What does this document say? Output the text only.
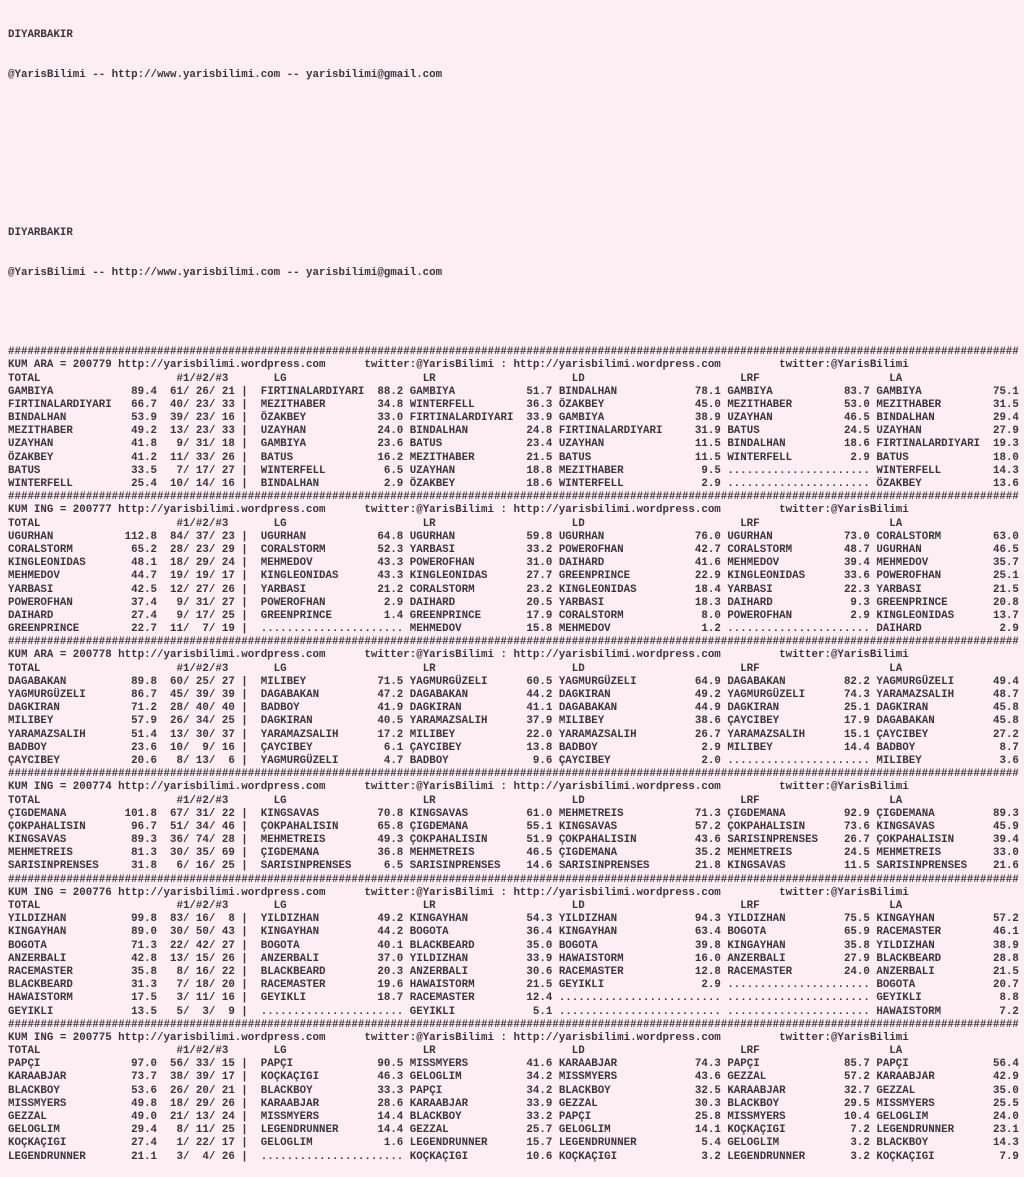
DIYARBAKIR

@YarisBilimi -- http://www.yarisbilimi.com -- yarisbilimi@gmail.com

DIYARBAKIR

@YarisBilimi -- http://www.yarisbilimi.com -- yarisbilimi@gmail.com

############################################################################################################################################################
KUM ARA = 200779 http://yarisbilimi.wordpress.com	twitter:@YarisBilimi : http://yarisbilimi.wordpress.com	twitter:@YarisBilimi
TOTAL                     #1/#2/#3       LG                     LR                     LD                        LRF                    LA
GAMBIYA            89.4  61/ 26/ 21 |  FIRTINALARDIYARI  88.2 GAMBIYA           51.7 BINDALHAN            78.1 GAMBIYA           83.7 GAMBIYA           75.1
FIRTINALARDIYARI   66.7  40/ 23/ 33 |  MEZITHABER        34.8 WINTERFELL        36.3 ÖZAKBEY              45.0 MEZITHABER        53.0 MEZITHABER        31.5
BINDALHAN          53.9  39/ 23/ 16 |  ÖZAKBEY           33.0 FIRTINALARDIYARI  33.9 GAMBIYA              38.9 UZAYHAN           46.5 BINDALHAN         29.4
MEZITHABER         49.2  13/ 23/ 33 |  UZAYHAN           24.0 BINDALHAN         24.8 FIRTINALARDIYARI     31.9 BATUS             24.5 UZAYHAN           27.9
UZAYHAN            41.8   9/ 31/ 18 |  GAMBIYA           23.6 BATUS             23.4 UZAYHAN              11.5 BINDALHAN         18.6 FIRTINALARDIYARI  19.3
ÖZAKBEY            41.2  11/ 33/ 26 |  BATUS             16.2 MEZITHABER        21.5 BATUS                11.5 WINTERFELL         2.9 BATUS             18.0
BATUS              33.5   7/ 17/ 27 |  WINTERFELL         6.5 UZAYHAN           18.8 MEZITHABER            9.5 ...................... WINTERFELL        14.3
WINTERFELL         25.4  10/ 14/ 16 |  BINDALHAN          2.9 ÖZAKBEY           18.6 WINTERFELL            2.9 ...................... ÖZAKBEY           13.6
############################################################################################################################################################
KUM ING = 200777 http://yarisbilimi.wordpress.com	twitter:@YarisBilimi : http://yarisbilimi.wordpress.com	twitter:@YarisBilimi
TOTAL                     #1/#2/#3       LG                     LR                     LD                        LRF                    LA
UGURHAN           112.8  84/ 37/ 23 |  UGURHAN           64.8 UGURHAN           59.8 UGURHAN              76.0 UGURHAN           73.0 CORALSTORM        63.0
CORALSTORM         65.2  28/ 23/ 29 |  CORALSTORM        52.3 YARBASI           33.2 POWEROFHAN           42.7 CORALSTORM        48.7 UGURHAN           46.5
KINGLEONIDAS       48.1  18/ 29/ 24 |  MEHMEDOV          43.3 POWEROFHAN        31.0 DAIHARD              41.6 MEHMEDOV          39.4 MEHMEDOV          35.7
MEHMEDOV           44.7  19/ 19/ 17 |  KINGLEONIDAS      43.3 KINGLEONIDAS      27.7 GREENPRINCE          22.9 KINGLEONIDAS      33.6 POWEROFHAN        25.1
YARBASI            42.5  12/ 27/ 26 |  YARBASI           21.2 CORALSTORM        23.2 KINGLEONIDAS         18.4 YARBASI           22.3 YARBASI           21.5
POWEROFHAN         37.4   9/ 31/ 27 |  POWEROFHAN         2.9 DAIHARD           20.5 YARBASI              18.3 DAIHARD            9.3 GREENPRINCE       20.8
DAIHARD            27.4   9/ 17/ 25 |  GREENPRINCE        1.4 GREENPRINCE       17.9 CORALSTORM            8.0 POWEROFHAN         2.9 KINGLEONIDAS      13.7
GREENPRINCE        22.7  11/  7/ 19 |  ...................... MEHMEDOV          15.8 MEHMEDOV              1.2 ...................... DAIHARD            2.9
############################################################################################################################################################
KUM ARA = 200778 http://yarisbilimi.wordpress.com	twitter:@YarisBilimi : http://yarisbilimi.wordpress.com	twitter:@YarisBilimi
TOTAL                     #1/#2/#3       LG                     LR                     LD                        LRF                    LA
DAGABAKAN          89.8  60/ 25/ 27 |  MILIBEY           71.5 YAGMURGÜZELI      60.5 YAGMURGÜZELI         64.9 DAGABAKAN         82.2 YAGMURGÜZELI      49.4
YAGMURGÜZELI       86.7  45/ 39/ 39 |  DAGABAKAN         47.2 DAGABAKAN         44.2 DAGKIRAN             49.2 YAGMURGÜZELI      74.3 YARAMAZSALIH      48.7
DAGKIRAN           71.2  28/ 40/ 40 |  BADBOY            41.9 DAGKIRAN          41.1 DAGABAKAN            44.9 DAGKIRAN          25.1 DAGKIRAN          45.8
MILIBEY            57.9  26/ 34/ 25 |  DAGKIRAN          40.5 YARAMAZSALIH      37.9 MILIBEY              38.6 ÇAYCIBEY          17.9 DAGABAKAN         45.8
YARAMAZSALIH       51.4  13/ 30/ 37 |  YARAMAZSALIH      17.2 MILIBEY           22.0 YARAMAZSALIH         26.7 YARAMAZSALIH      15.1 ÇAYCIBEY          27.2
BADBOY             23.6  10/  9/ 16 |  ÇAYCIBEY           6.1 ÇAYCIBEY          13.8 BADBOY                2.9 MILIBEY           14.4 BADBOY             8.7
ÇAYCIBEY           20.6   8/ 13/  6 |  YAGMURGÜZELI       4.7 BADBOY             9.6 ÇAYCIBEY              2.0 ...................... MILIBEY            3.6
############################################################################################################################################################
KUM ING = 200774 http://yarisbilimi.wordpress.com	twitter:@YarisBilimi : http://yarisbilimi.wordpress.com	twitter:@YarisBilimi
TOTAL                     #1/#2/#3       LG                     LR                     LD                        LRF                    LA
ÇIGDEMANA         101.8  67/ 31/ 22 |  KINGSAVAS         70.8 KINGSAVAS         61.0 MEHMETREIS           71.3 ÇIGDEMANA         92.9 ÇIGDEMANA         89.3
ÇOKPAHALISIN       96.7  51/ 34/ 46 |  ÇOKPAHALISIN      65.8 ÇIGDEMANA         55.1 KINGSAVAS            57.2 ÇOKPAHALISIN      73.6 KINGSAVAS         45.9
KINGSAVAS          89.3  36/ 74/ 28 |  MEHMETREIS        49.3 ÇOKPAHALISIN      51.9 ÇOKPAHALISIN         43.6 SARISINPRENSES    26.7 ÇOKPAHALISIN      39.4
MEHMETREIS         81.3  30/ 35/ 69 |  ÇIGDEMANA         36.8 MEHMETREIS        46.5 ÇIGDEMANA            35.2 MEHMETREIS        24.5 MEHMETREIS        33.0
SARISINPRENSES     31.8   6/ 16/ 25 |  SARISINPRENSES     6.5 SARISINPRENSES    14.6 SARISINPRENSES       21.8 KINGSAVAS         11.5 SARISINPRENSES    21.6
############################################################################################################################################################
KUM ING = 200776 http://yarisbilimi.wordpress.com	twitter:@YarisBilimi : http://yarisbilimi.wordpress.com	twitter:@YarisBilimi
TOTAL                     #1/#2/#3       LG                     LR                     LD                        LRF                    LA
YILDIZHAN          99.8  83/ 16/  8 |  YILDIZHAN         49.2 KINGAYHAN         54.3 YILDIZHAN            94.3 YILDIZHAN         75.5 KINGAYHAN         57.2
KINGAYHAN          89.0  30/ 50/ 43 |  KINGAYHAN         44.2 BOGOTA            36.4 KINGAYHAN            63.4 BOGOTA            65.9 RACEMASTER        46.1
BOGOTA             71.3  22/ 42/ 27 |  BOGOTA            40.1 BLACKBEARD        35.0 BOGOTA               39.8 KINGAYHAN         35.8 YILDIZHAN         38.9
ANZERBALI          42.8  13/ 15/ 26 |  ANZERBALI         37.0 YILDIZHAN         33.9 HAWAISTORM           16.0 ANZERBALI         27.9 BLACKBEARD        28.8
RACEMASTER         35.8   8/ 16/ 22 |  BLACKBEARD        20.3 ANZERBALI         30.6 RACEMASTER           12.8 RACEMASTER        24.0 ANZERBALI         21.5
BLACKBEARD         31.3   7/ 18/ 20 |  RACEMASTER        19.6 HAWAISTORM        21.5 GEYIKLI               2.9 ...................... BOGOTA            20.7
HAWAISTORM         17.5   3/ 11/ 16 |  GEYIKLI           18.7 RACEMASTER        12.4 ......................... ...................... GEYIKLI            8.8
GEYIKLI            13.5   5/  3/  9 |  ...................... GEYIKLI            5.1 ......................... ...................... HAWAISTORM         7.2
############################################################################################################################################################
KUM ING = 200775 http://yarisbilimi.wordpress.com	twitter:@YarisBilimi : http://yarisbilimi.wordpress.com	twitter:@YarisBilimi
TOTAL                     #1/#2/#3       LG                     LR                     LD                        LRF                    LA
PAPÇI              97.0  56/ 33/ 15 |  PAPÇI             90.5 MISSMYERS         41.6 KARAABJAR            74.3 PAPÇI             85.7 PAPÇI             56.4
KARAABJAR          73.7  38/ 39/ 17 |  KOÇKAÇIGI         46.3 GELOGLIM          34.2 MISSMYERS            43.6 GEZZAL            57.2 KARAABJAR         42.9
BLACKBOY           53.6  26/ 20/ 21 |  BLACKBOY          33.3 PAPÇI             34.2 BLACKBOY             32.5 KARAABJAR         32.7 GEZZAL            35.0
MISSMYERS          49.8  18/ 29/ 26 |  KARAABJAR         28.6 KARAABJAR         33.9 GEZZAL               30.3 BLACKBOY          29.5 MISSMYERS         25.5
GEZZAL             49.0  21/ 13/ 24 |  MISSMYERS         14.4 BLACKBOY          33.2 PAPÇI                25.8 MISSMYERS         10.4 GELOGLIM          24.0
GELOGLIM           29.4   8/ 11/ 25 |  LEGENDRUNNER      14.4 GEZZAL            25.7 GELOGLIM             14.1 KOÇKAÇIGI          7.2 LEGENDRUNNER      23.1
KOÇKAÇIGI          27.4   1/ 22/ 17 |  GELOGLIM           1.6 LEGENDRUNNER      15.7 LEGENDRUNNER          5.4 GELOGLIM           3.2 BLACKBOY          14.3
LEGENDRUNNER       21.1   3/  4/ 26 |  ...................... KOÇKAÇIGI         10.6 KOÇKAÇIGI             3.2 LEGENDRUNNER       3.2 KOÇKAÇIGI          7.9
